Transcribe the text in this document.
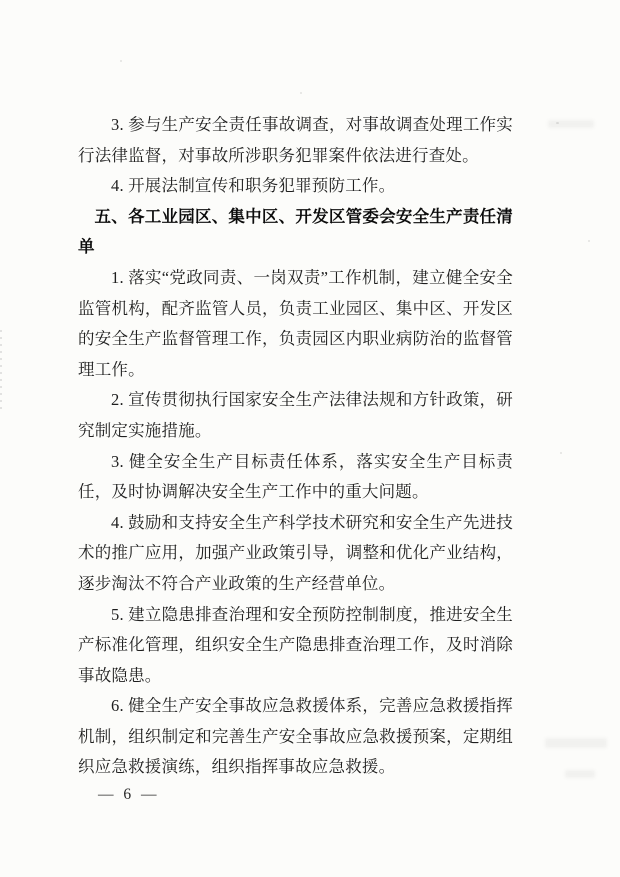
3. 参与生产安全责任事故调查，对事故调查处理工作实行法律监督，对事故所涉职务犯罪案件依法进行查处。

4. 开展法制宣传和职务犯罪预防工作。

五、各工业园区、集中区、开发区管委会安全生产责任清单

1. 落实“党政同责、一岗双责”工作机制，建立健全安全监管机构，配齐监管人员，负责工业园区、集中区、开发区的安全生产监督管理工作，负责园区内职业病防治的监督管理工作。

2. 宣传贯彻执行国家安全生产法律法规和方针政策，研究制定实施措施。

3. 健全安全生产目标责任体系，落实安全生产目标责任，及时协调解决安全生产工作中的重大问题。

4. 鼓励和支持安全生产科学技术研究和安全生产先进技术的推广应用，加强产业政策引导，调整和优化产业结构，逐步淘汰不符合产业政策的生产经营单位。

5. 建立隐患排查治理和安全预防控制制度，推进安全生产标准化管理，组织安全生产隐患排查治理工作，及时消除事故隐患。

6. 健全生产安全事故应急救援体系，完善应急救援指挥机制，组织制定和完善生产安全事故应急救援预案，定期组织应急救援演练，组织指挥事故应急救援。

— 6 —
